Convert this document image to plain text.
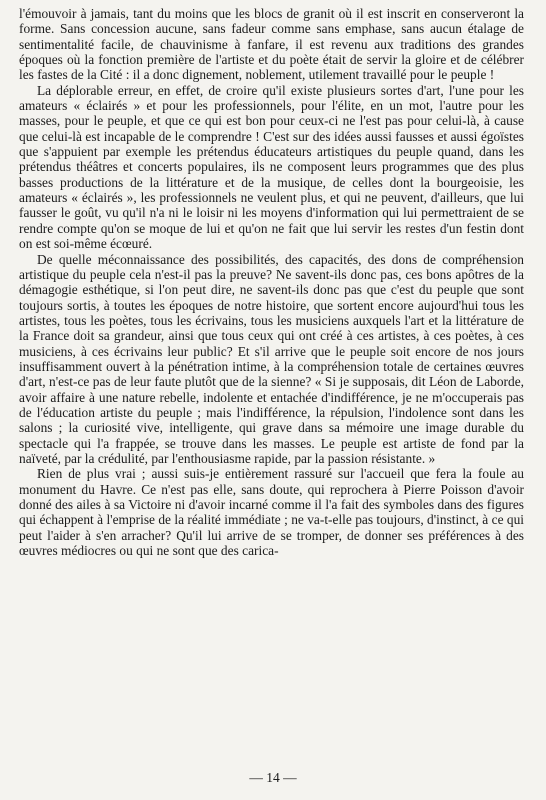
l'émouvoir à jamais, tant du moins que les blocs de granit où il est inscrit en conserveront la forme. Sans concession aucune, sans fadeur comme sans emphase, sans aucun étalage de sentimentalité facile, de chauvinisme à fanfare, il est revenu aux traditions des grandes époques où la fonction première de l'artiste et du poète était de servir la gloire et de célébrer les fastes de la Cité : il a donc dignement, noblement, utilement travaillé pour le peuple !

La déplorable erreur, en effet, de croire qu'il existe plusieurs sortes d'art, l'une pour les amateurs « éclairés » et pour les professionnels, pour l'élite, en un mot, l'autre pour les masses, pour le peuple, et que ce qui est bon pour ceux-ci ne l'est pas pour celui-là, à cause que celui-là est incapable de le comprendre ! C'est sur des idées aussi fausses et aussi égoïstes que s'appuient par exemple les prétendus éducateurs artistiques du peuple quand, dans les prétendus théâtres et concerts populaires, ils ne composent leurs programmes que des plus basses productions de la littérature et de la musique, de celles dont la bourgeoisie, les amateurs « éclairés », les professionnels ne veulent plus, et qui ne peuvent, d'ailleurs, que lui fausser le goût, vu qu'il n'a ni le loisir ni les moyens d'information qui lui permettraient de se rendre compte qu'on se moque de lui et qu'on ne fait que lui servir les restes d'un festin dont on est soi-même écœuré.

De quelle méconnaissance des possibilités, des capacités, des dons de compréhension artistique du peuple cela n'est-il pas la preuve? Ne savent-ils donc pas, ces bons apôtres de la démagogie esthétique, si l'on peut dire, ne savent-ils donc pas que c'est du peuple que sont toujours sortis, à toutes les époques de notre histoire, que sortent encore aujourd'hui tous les artistes, tous les poètes, tous les écrivains, tous les musiciens auxquels l'art et la littérature de la France doit sa grandeur, ainsi que tous ceux qui ont créé à ces artistes, à ces poètes, à ces musiciens, à ces écrivains leur public? Et s'il arrive que le peuple soit encore de nos jours insuffisamment ouvert à la pénétration intime, à la compréhension totale de certaines œuvres d'art, n'est-ce pas de leur faute plutôt que de la sienne? « Si je supposais, dit Léon de Laborde, avoir affaire à une nature rebelle, indolente et entachée d'indifférence, je ne m'occuperais pas de l'éducation artiste du peuple ; mais l'indifférence, la répulsion, l'indolence sont dans les salons ; la curiosité vive, intelligente, qui grave dans sa mémoire une image durable du spectacle qui l'a frappée, se trouve dans les masses. Le peuple est artiste de fond par la naïveté, par la crédulité, par l'enthousiasme rapide, par la passion résistante. »

Rien de plus vrai ; aussi suis-je entièrement rassuré sur l'accueil que fera la foule au monument du Havre. Ce n'est pas elle, sans doute, qui reprochera à Pierre Poisson d'avoir donné des ailes à sa Victoire ni d'avoir incarné comme il l'a fait des symboles dans des figures qui échappent à l'emprise de la réalité immédiate ; ne va-t-elle pas toujours, d'instinct, à ce qui peut l'aider à s'en arracher? Qu'il lui arrive de se tromper, de donner ses préférences à des œuvres médiocres ou qui ne sont que des carica-

— 14 —
